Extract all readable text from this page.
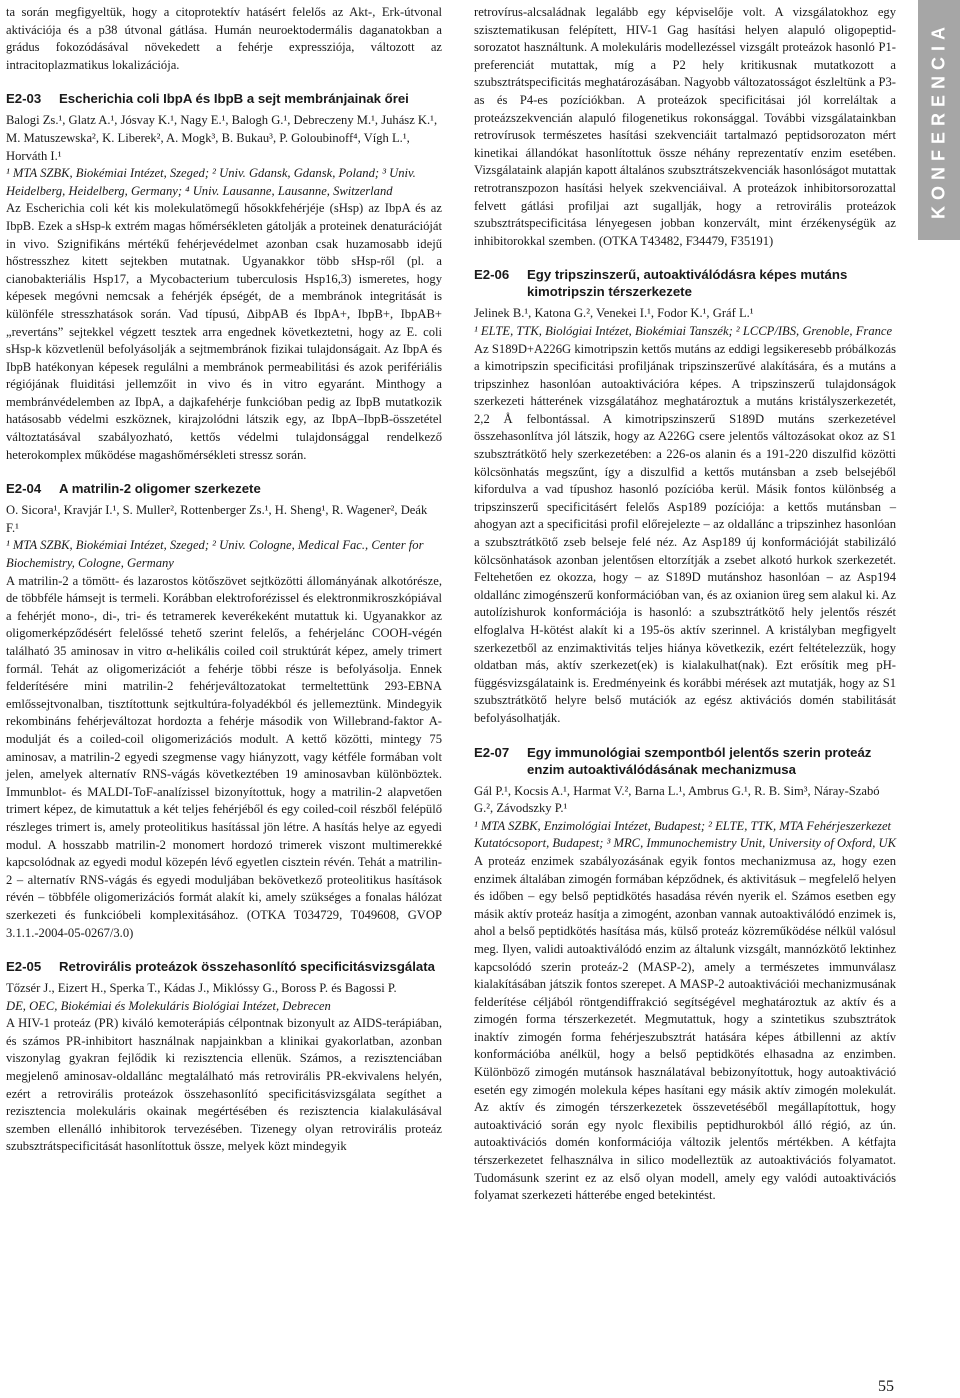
KONFERENCIA

ta során megfigyeltük, hogy a citoprotektív hatásért felelős az Akt-, Erk-útvonal aktivációja és a p38 útvonal gátlása. Humán neuroektodermális daganatokban a grádus fokozódásával növekedett a fehérje expressziója, változott az intracitoplazmatikus lokalizációja.

E2-03	Escherichia coli IbpA és IbpB a sejt membránjainak őrei

Balogi Zs.¹, Glatz A.¹, Jósvay K.¹, Nagy E.¹, Balogh G.¹, Debreczeny M.¹, Juhász K.¹, M. Matuszewska², K. Liberek², A. Mogk³, B. Bukau³, P. Goloubinoff⁴, Vígh L.¹, Horváth I.¹

¹ MTA SZBK, Biokémiai Intézet, Szeged; ² Univ. Gdansk, Gdansk, Poland; ³ Univ. Heidelberg, Heidelberg, Germany; ⁴ Univ. Lausanne, Lausanne, Switzerland

Az Escherichia coli két kis molekulatömegű hősokkfehérjéje (sHsp) az IbpA és az IbpB. Ezek a sHsp-k extrém magas hőmérsékleten gátolják a proteinek denaturációját in vivo. Szignifikáns mértékű fehérjevédelmet azonban csak huzamosabb idejű hőstresszhez kitett sejtekben mutatnak. Ugyanakkor több sHsp-ről (pl. a cianobakteriális Hsp17, a Mycobacterium tuberculosis Hsp16,3) ismeretes, hogy képesek megóvni nemcsak a fehérjék épségét, de a membránok integritását is különféle stresszhatások során. Vad típusú, ΔibpAB és IbpA+, IbpB+, IbpAB+ „revertáns” sejtekkel végzett tesztek arra engednek következtetni, hogy az E. coli sHsp-k közvetlenül befolyásolják a sejtmembránok fizikai tulajdonságait. Az IbpA és IbpB hatékonyan képesek regulálni a membránok permeabilitási és azok perifériális régiójának fluiditási jellemzőit in vivo és in vitro egyaránt. Minthogy a membránvédelemben az IbpA, a dajkafehérje funkcióban pedig az IbpB mutatkozik hatásosabb védelmi eszköznek, kirajzolódni látszik egy, az IbpA–IbpB-összetétel változtatásával szabályozható, kettős védelmi tulajdonsággal rendelkező heterokomplex működése magashőmérsékleti stressz során.

E2-04	A matrilin-2 oligomer szerkezete

O. Sicora¹, Kravjár I.¹, S. Muller², Rottenberger Zs.¹, H. Sheng¹, R. Wagener², Deák F.¹

¹ MTA SZBK, Biokémiai Intézet, Szeged; ² Univ. Cologne, Medical Fac., Center for Biochemistry, Cologne, Germany

A matrilin-2 a tömött- és lazarostos kötőszövet sejtközötti állományának alkotórésze, de többféle hámsejt is termeli. Korábban elektroforézissel és elektronmikroszkópiával a fehérjét mono-, di-, tri- és tetramerek keverékeként mutattuk ki. Ugyanakkor az oligomerképződésért felelőssé tehető szerint felelős, a fehérjelánc COOH-végén található 35 aminosav in vitro α-helikális coiled coil struktúrát képez, amely trimert formál. Tehát az oligomerizációt a fehérje többi része is befolyásolja. Ennek felderítésére mini matrilin-2 fehérjeváltozatokat termeltettünk 293-EBNA emlőssejtvonalban, tisztítottunk sejtkultúra-folyadékból és jellemeztünk. Mindegyik rekombináns fehérjeváltozat hordozta a fehérje második von Willebrand-faktor A-modulját és a coiled-coil oligomerizációs modult. A kettő közötti, mintegy 75 aminosav, a matrilin-2 egyedi szegmense vagy hiányzott, vagy kétféle formában volt jelen, amelyek alternatív RNS-vágás következtében 19 aminosavban különböztek. Immunblot- és MALDI-ToF-analízissel bizonyítottuk, hogy a matrilin-2 alapvetően trimert képez, de kimutattuk a két teljes fehérjéből és egy coiled-coil részből felépülő részleges trimert is, amely proteolitikus hasítással jön létre. A hasítás helye az egyedi modul. A hosszabb matrilin-2 monomert hordozó trimerek viszont multimerekké kapcsolódnak az egyedi modul közepén lévő egyetlen cisztein révén. Tehát a matrilin-2 – alternatív RNS-vágás és egyedi moduljában bekövetkező proteolitikus hasítások révén – többféle oligomerizációs formát alakít ki, amely szükséges a fonalas hálózat szerkezeti és funkcióbeli komplexitásához. (OTKA T034729, T049608, GVOP 3.1.1.-2004-05-0267/3.0)

E2-05	Retrovirális proteázok összehasonlító specificitásvizsgálata

Tőzsér J., Eizert H., Sperka T., Kádas J., Miklóssy G., Boross P. és Bagossi P.

DE, OEC, Biokémiai és Molekuláris Biológiai Intézet, Debrecen

A HIV-1 proteáz (PR) kiváló kemoterápiás célpontnak bizonyult az AIDS-terápiában, és számos PR-inhibitort használnak napjainkban a klinikai gyakorlatban, azonban viszonylag gyakran fejlődik ki rezisztencia ellenük. Számos, a rezisztenciában megjelenő aminosav-oldallánc megtalálható más retrovirális PR-ekvivalens helyén, ezért a retrovirális proteázok összehasonlító specificitásvizsgálata segíthet a rezisztencia molekuláris okainak megértésében és rezisztencia kialakulásával szemben ellenálló inhibitorok tervezésében. Tizenegy olyan retrovirális proteáz szubsztrátspecificitását hasonlítottuk össze, melyek közt mindegyik

retrovírus-alcsaládnak legalább egy képviselője volt. A vizsgálatokhoz egy szisztematikusan felépített, HIV-1 Gag hasítási helyen alapuló oligopeptid-sorozatot használtunk. A molekuláris modellezéssel vizsgált proteázok hasonló P1-preferenciát mutattak, míg a P2 hely kritikusnak mutatkozott a szubsztrátspecificitás meghatározásában. Nagyobb változatosságot észleltünk a P3-as és P4-es pozíciókban. A proteázok specificitásai jól korreláltak a proteázszekvencián alapuló filogenetikus rokonsággal. További vizsgálatainkban retrovírusok természetes hasítási szekvenciáit tartalmazó peptidsorozaton mért kinetikai állandókat hasonlítottuk össze néhány reprezentatív enzim esetében. Vizsgálataink alapján kapott általános szubsztrátszekvenciák hasonlóságot mutattak retrotranszpozon hasítási helyek szekvenciáival. A proteázok inhibitorsorozattal felvett gátlási profiljai azt sugallják, hogy a retrovirális proteázok szubsztrátspecificitása lényegesen jobban konzervált, mint érzékenységük az inhibitorokkal szemben. (OTKA T43482, F34479, F35191)

E2-06	Egy tripszinszerű, autoaktiválódásra képes mutáns kimotripszin térszerkezete

Jelinek B.¹, Katona G.², Venekei I.¹, Fodor K.¹, Gráf L.¹

¹ ELTE, TTK, Biológiai Intézet, Biokémiai Tanszék; ² LCCP/IBS, Grenoble, France

Az S189D+A226G kimotripszin kettős mutáns az eddigi legsikeresebb próbálkozás a kimotripszin specificitási profiljának tripszinszerűvé alakítására, és a mutáns a tripszinhez hasonlóan autoaktivációra képes. A tripszinszerű tulajdonságok szerkezeti hátterének vizsgálatához meghatároztuk a mutáns kristályszerkezetét, 2,2 Å felbontással. A kimotripszinszerű S189D mutáns szerkezetével összehasonlítva jól látszik, hogy az A226G csere jelentős változásokat okoz az S1 szubsztrátkötő hely szerkezetében: a 226-os alanin és a 191-220 diszulfid közötti kölcsönhatás megszűnt, így a diszulfid a kettős mutánsban a zseb belsejéből kifordulva a vad típushoz hasonló pozícióba kerül. Másik fontos különbség a tripszinszerű specificitásért felelős Asp189 pozíciója: a kettős mutánsban – ahogyan azt a specificitási profil előrejelezte – az oldallánc a tripszinhez hasonlóan a szubsztrátkötő zseb belseje felé néz. Az Asp189 új konformációját stabilizáló kölcsönhatások azonban jelentősen eltorzítják a zsebet alkotó hurkok szerkezetét. Feltehetően ez okozza, hogy – az S189D mutánshoz hasonlóan – az Asp194 oldallánc zimogénszerű konformációban van, és az oxianion üreg sem alakul ki. Az autolízishurok konformációja is hasonló: a szubsztrátkötő hely jelentős részét elfoglalva H-kötést alakít ki a 195-ös aktív szerinnel. A kristályban megfigyelt szerkezetből az enzimaktivitás teljes hiánya következik, ezért feltételezzük, hogy oldatban más, aktív szerkezet(ek) is kialakulhat(nak). Ezt erősítik meg pH-függésvizsgálataink is. Eredményeink és korábbi mérések azt mutatják, hogy az S1 szubsztrátkötő helyre belső mutációk az egész aktivációs domén stabilitását befolyásolhatják.

E2-07	Egy immunológiai szempontból jelentős szerin proteáz enzim autoaktiválódásának mechanizmusa

Gál P.¹, Kocsis A.¹, Harmat V.², Barna L.¹, Ambrus G.¹, R. B. Sim³, Náray-Szabó G.², Závodszky P.¹

¹ MTA SZBK, Enzimológiai Intézet, Budapest; ² ELTE, TTK, MTA Fehérjeszerkezet Kutatócsoport, Budapest; ³ MRC, Immunochemistry Unit, University of Oxford, UK

A proteáz enzimek szabályozásának egyik fontos mechanizmusa az, hogy ezen enzimek általában zimogén formában képződnek, és aktivitásuk – megfelelő helyen és időben – egy belső peptidkötés hasadása révén nyerik el. Számos esetben egy másik aktív proteáz hasítja a zimogént, azonban vannak autoaktiválódó enzimek is, ahol a belső peptidkötés hasítása más, külső proteáz közreműködése nélkül valósul meg. Ilyen, validi autoaktiválódó enzim az általunk vizsgált, mannózkötő lektinhez kapcsolódó szerin proteáz-2 (MASP-2), amely a természetes immunválasz kialakításában játszik fontos szerepet. A MASP-2 autoaktivációi mechanizmusának felderítése céljából röntgendiffrakció segítségével meghatároztuk az aktív és a zimogén forma térszerkezetét. Megmutattuk, hogy a szintetikus szubsztrátok inaktív zimogén forma fehérjeszubsztrát hatására képes átbillenni az aktív konformációba anélkül, hogy a belső peptidkötés elhasadna az enzimben. Különböző zimogén mutánsok használatával bebizonyítottuk, hogy autoaktiváció esetén egy zimogén molekula képes hasítani egy másik aktív zimogén molekulát. Az aktív és zimogén térszerkezetek összevetéséből megállapítottuk, hogy autoaktiváció során egy nyolc flexibilis peptidhurokból álló régió, az ún. autoaktivációs domén konformációja változik jelentős mértékben. A kétfajta térszerkezetet felhasználva in silico modelleztük az autoaktivációs folyamatot. Tudomásunk szerint ez az első olyan modell, amely egy valódi autoaktivációs folyamat szerkezeti hátterébe enged betekintést.

55
